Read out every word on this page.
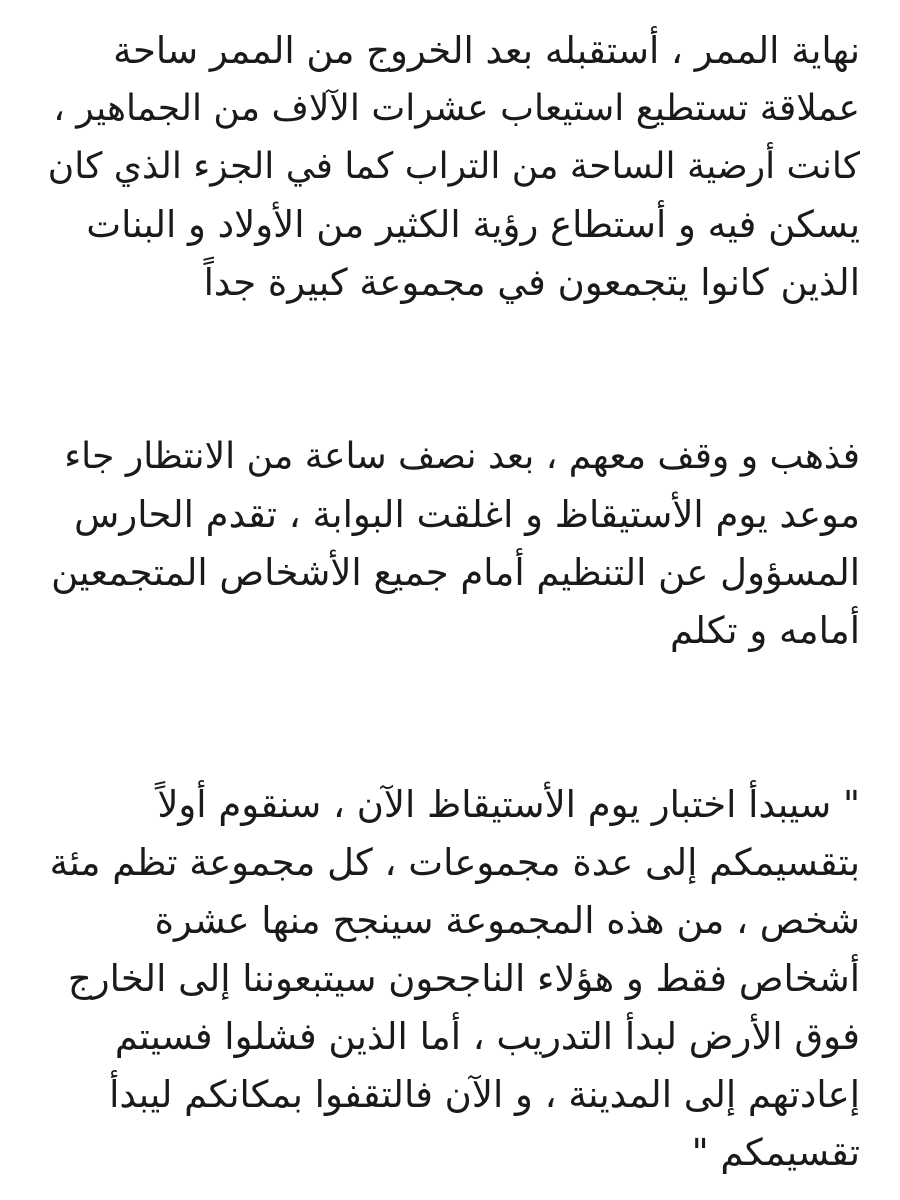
نهاية الممر ، أستقبله بعد الخروج من الممر ساحة
عملاقة تستطيع استيعاب عشرات الآلاف من الجماهير ،
كانت أرضية الساحة من التراب كما في الجزء الذي كان
يسكن فيه و أستطاع رؤية الكثير من الأولاد و البنات
الذين كانوا يتجمعون في مجموعة كبيرة جداً

فذهب و وقف معهم ، بعد نصف ساعة من الانتظار جاء
موعد يوم الأستيقاظ و اغلقت البوابة ، تقدم الحارس
المسؤول عن التنظيم أمام جميع الأشخاص المتجمعين
أمامه و تكلم

" سيبدأ اختبار يوم الأستيقاظ الآن ، سنقوم أولاً
بتقسيمكم إلى عدة مجموعات ، كل مجموعة تظم مئة
شخص ، من هذه المجموعة سينجح منها عشرة
أشخاص فقط و هؤلاء الناجحون سيتبعوننا إلى الخارج
فوق الأرض لبدأ التدريب ، أما الذين فشلوا فسيتم
إعادتهم إلى المدينة ، و الآن فالتقفوا بمكانكم ليبدأ
تقسيمكم "
